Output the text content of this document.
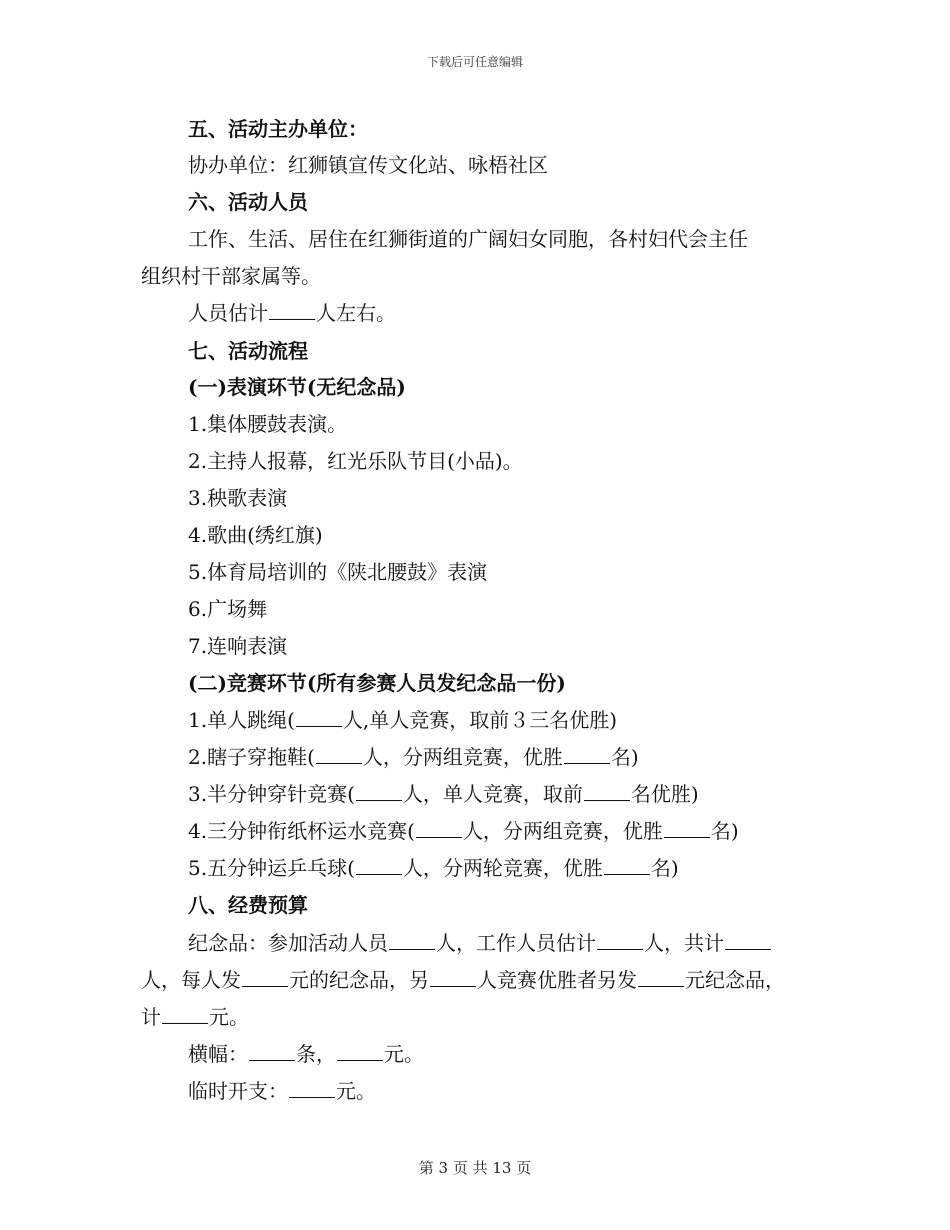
下载后可任意编辑
五、活动主办单位：
协办单位：红狮镇宣传文化站、咏梧社区
六、活动人员
工作、生活、居住在红狮街道的广阔妇女同胞，各村妇代会主任
组织村干部家属等。
人员估计 人左右。
七、活动流程
(一)表演环节(无纪念品)
1.集体腰鼓表演。
2.主持人报幕，红光乐队节目(小品)。
3.秧歌表演
4.歌曲(绣红旗)
5.体育局培训的《陕北腰鼓》表演
6.广场舞
7.连响表演
(二)竞赛环节(所有参赛人员发纪念品一份)
1.单人跳绳( 人,单人竞赛，取前３三名优胜)
2.瞎子穿拖鞋( 人，分两组竞赛，优胜 名)
3.半分钟穿针竞赛( 人，单人竞赛，取前 名优胜)
4.三分钟衔纸杯运水竞赛( 人，分两组竞赛，优胜 名)
5.五分钟运乒乓球( 人，分两轮竞赛，优胜 名)
八、经费预算
纪念品：参加活动人员 人，工作人员估计 人，共计
人，每人发 元的纪念品，另 人竞赛优胜者另发 元纪念品，
计 元。
横幅： 条， 元。
临时开支： 元。
第 3 页 共 13 页
